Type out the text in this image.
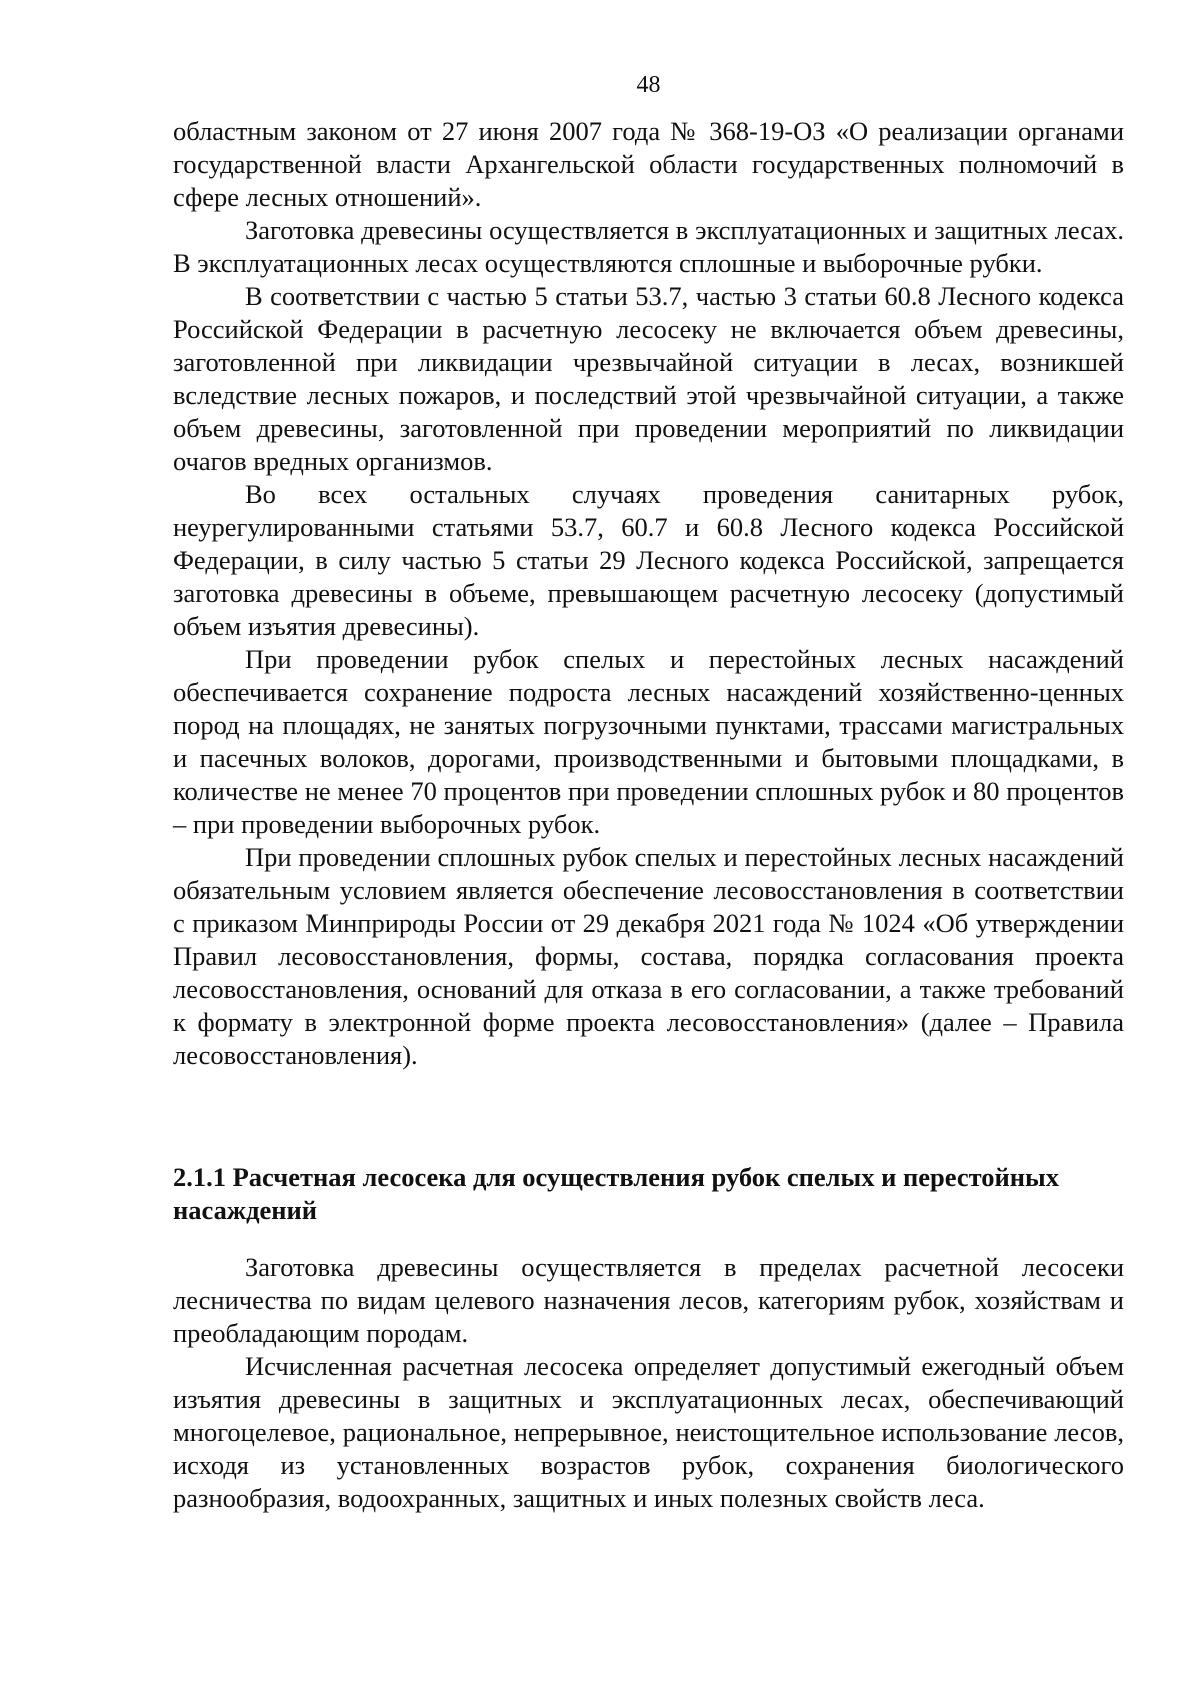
48

областным законом от 27 июня 2007 года № 368-19-ОЗ «О реализации органами государственной власти Архангельской области государственных полномочий в сфере лесных отношений».

Заготовка древесины осуществляется в эксплуатационных и защитных лесах. В эксплуатационных лесах осуществляются сплошные и выборочные рубки.

В соответствии с частью 5 статьи 53.7, частью 3 статьи 60.8 Лесного кодекса Российской Федерации в расчетную лесосеку не включается объем древесины, заготовленной при ликвидации чрезвычайной ситуации в лесах, возникшей вследствие лесных пожаров, и последствий этой чрезвычайной ситуации, а также объем древесины, заготовленной при проведении мероприятий по ликвидации очагов вредных организмов.

Во всех остальных случаях проведения санитарных рубок, неурегулированными статьями 53.7, 60.7 и 60.8 Лесного кодекса Российской Федерации, в силу частью 5 статьи 29 Лесного кодекса Российской, запрещается заготовка древесины в объеме, превышающем расчетную лесосеку (допустимый объем изъятия древесины).

При проведении рубок спелых и перестойных лесных насаждений обеспечивается сохранение подроста лесных насаждений хозяйственно-ценных пород на площадях, не занятых погрузочными пунктами, трассами магистральных и пасечных волоков, дорогами, производственными и бытовыми площадками, в количестве не менее 70 процентов при проведении сплошных рубок и 80 процентов – при проведении выборочных рубок.

При проведении сплошных рубок спелых и перестойных лесных насаждений обязательным условием является обеспечение лесовосстановления в соответствии с приказом Минприроды России от 29 декабря 2021 года № 1024 «Об утверждении Правил лесовосстановления, формы, состава, порядка согласования проекта лесовосстановления, оснований для отказа в его согласовании, а также требований к формату в электронной форме проекта лесовосстановления» (далее – Правила лесовосстановления).

2.1.1 Расчетная лесосека для осуществления рубок спелых и перестойных насаждений

Заготовка древесины осуществляется в пределах расчетной лесосеки лесничества по видам целевого назначения лесов, категориям рубок, хозяйствам и преобладающим породам.

Исчисленная расчетная лесосека определяет допустимый ежегодный объем изъятия древесины в защитных и эксплуатационных лесах, обеспечивающий многоцелевое, рациональное, непрерывное, неистощительное использование лесов, исходя из установленных возрастов рубок, сохранения биологического разнообразия, водоохранных, защитных и иных полезных свойств леса.
